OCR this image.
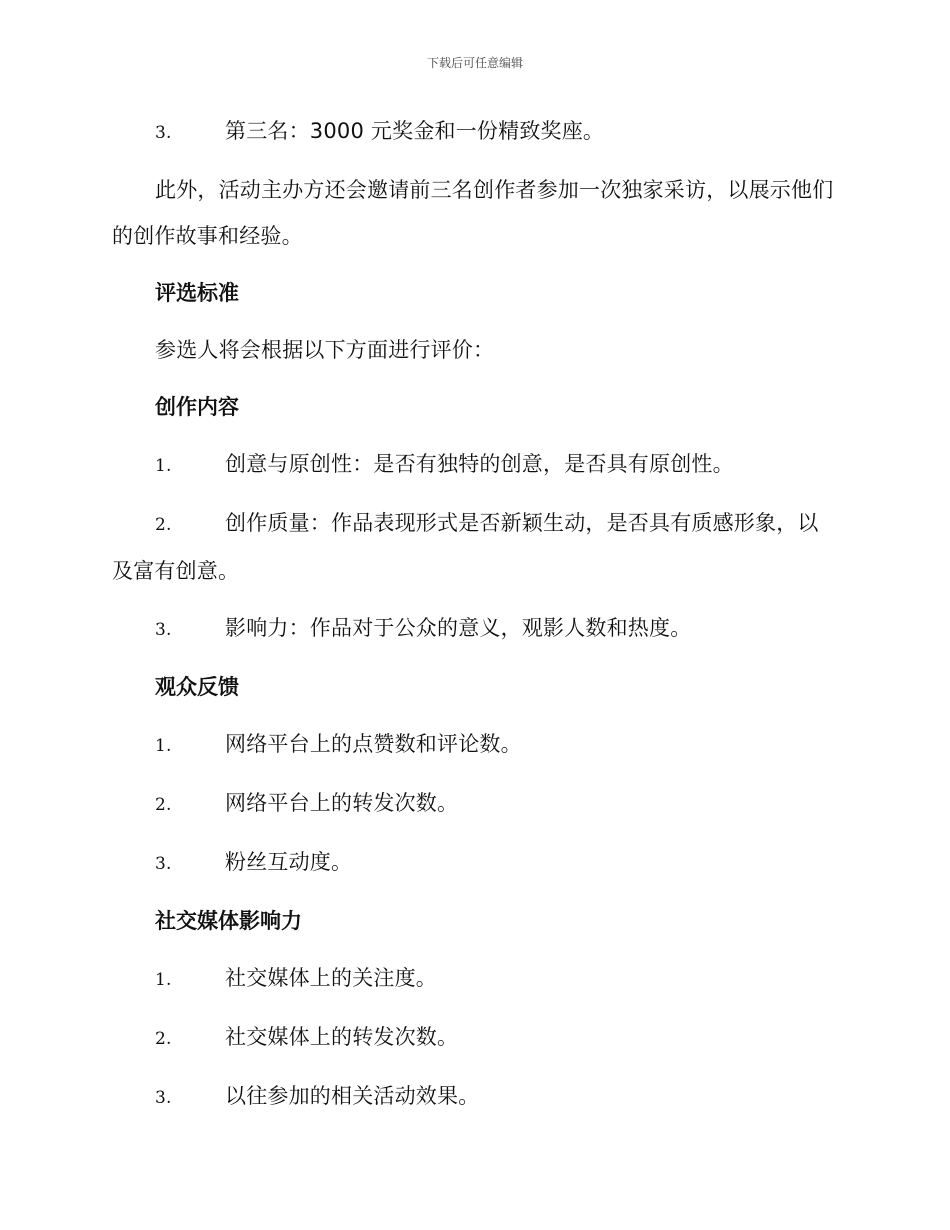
下载后可任意编辑
3.	第三名：3000 元奖金和一份精致奖座。

此外，活动主办方还会邀请前三名创作者参加一次独家采访，以展示他们的创作故事和经验。

评选标准

参选人将会根据以下方面进行评价：

创作内容
1.	创意与原创性：是否有独特的创意，是否具有原创性。
2.	创作质量：作品表现形式是否新颖生动，是否具有质感形象，以及富有创意。
3.	影响力：作品对于公众的意义，观影人数和热度。
观众反馈
1.	网络平台上的点赞数和评论数。
2.	网络平台上的转发次数。
3.	粉丝互动度。
社交媒体影响力
1.	社交媒体上的关注度。
2.	社交媒体上的转发次数。
3.	以往参加的相关活动效果。
